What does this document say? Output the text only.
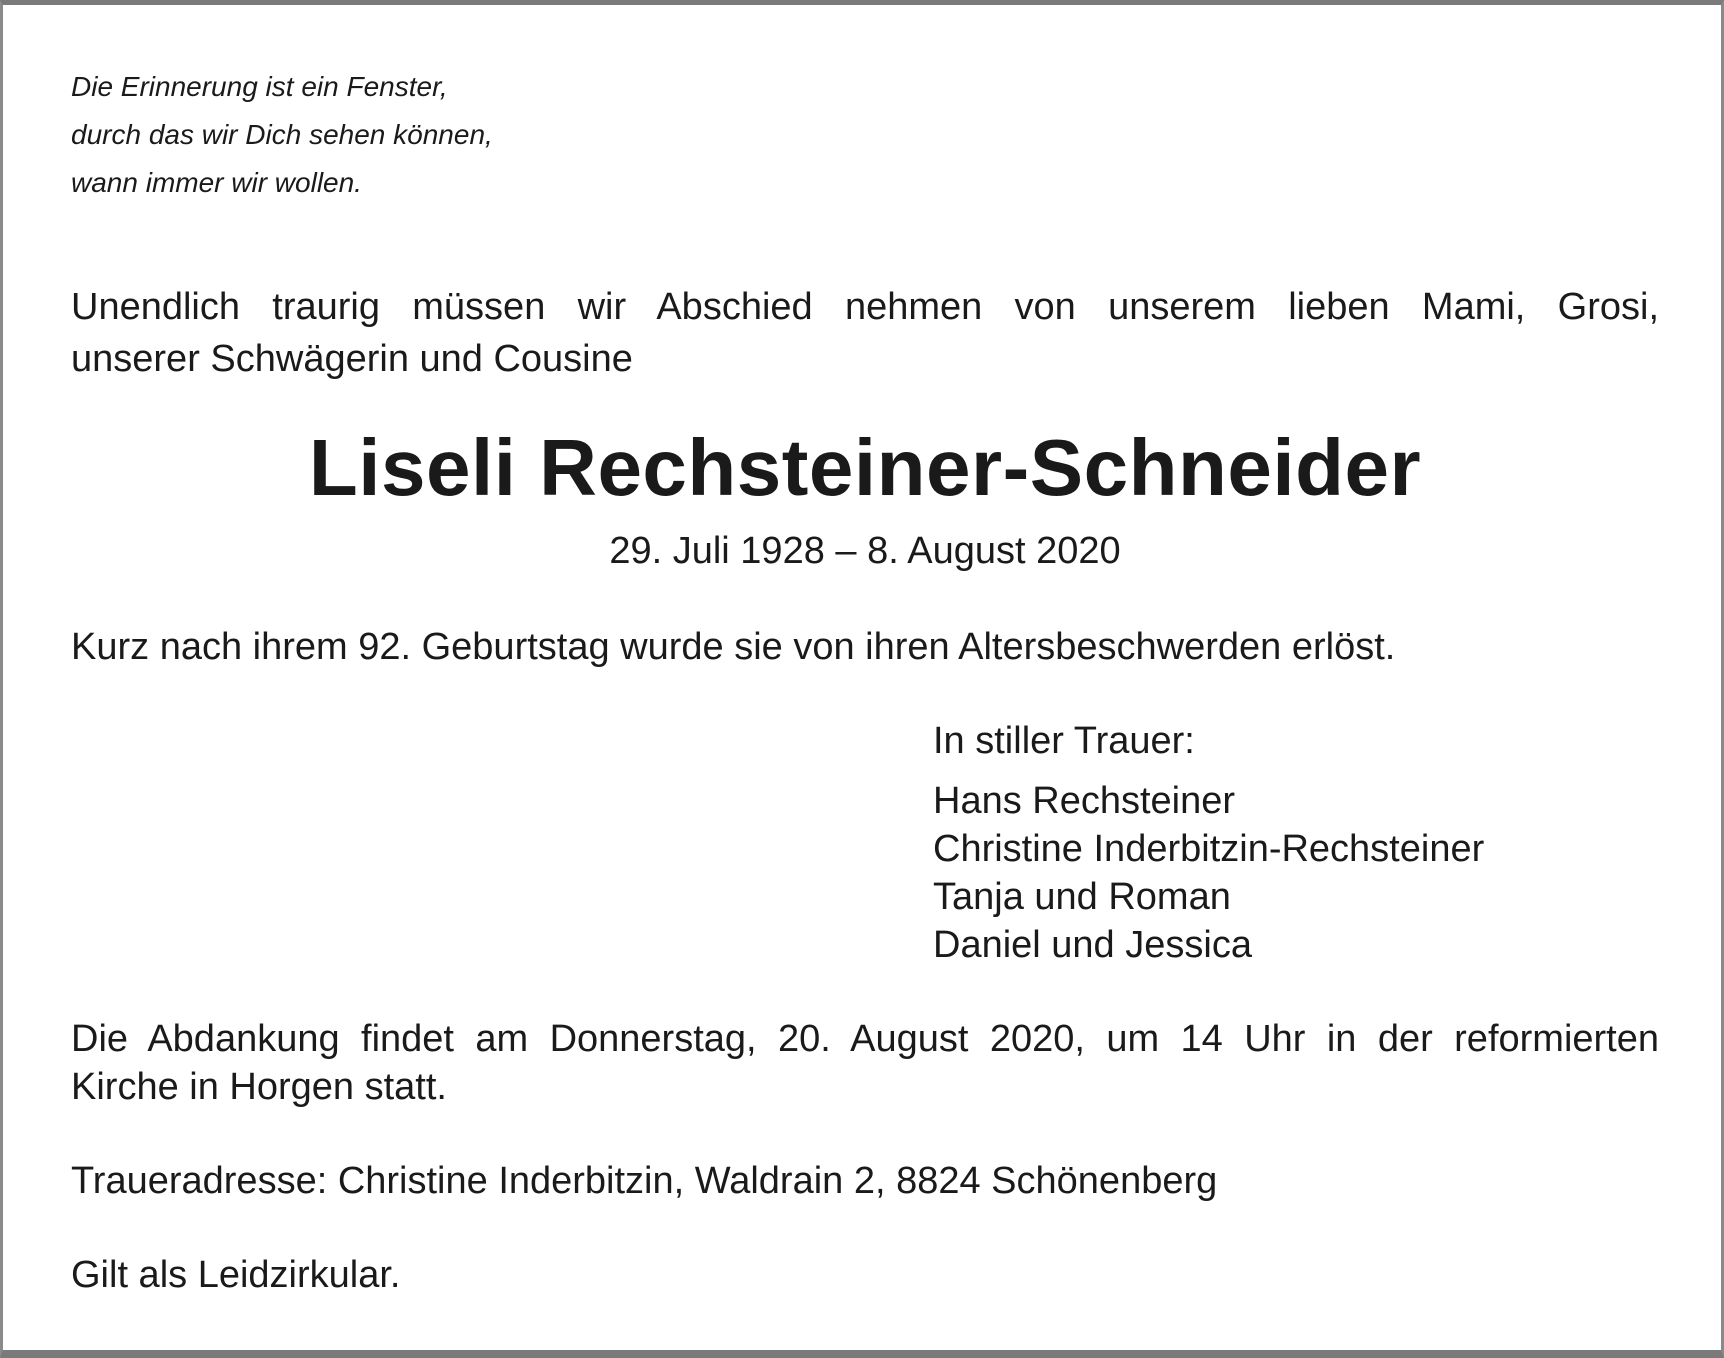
Die Erinnerung ist ein Fenster,

durch das wir Dich sehen können,

wann immer wir wollen.

Unendlich traurig müssen wir Abschied nehmen von unserem lieben Mami, Grosi,

unserer Schwägerin und Cousine

Liseli Rechsteiner-Schneider

29. Juli 1928 – 8. August 2020

Kurz nach ihrem 92. Geburtstag wurde sie von ihren Altersbeschwerden erlöst.

In stiller Trauer:

Hans Rechsteiner

Christine Inderbitzin-Rechsteiner

Tanja und Roman

Daniel und Jessica

Die Abdankung findet am Donnerstag, 20. August 2020, um 14 Uhr in der reformierten

Kirche in Horgen statt.

Traueradresse: Christine Inderbitzin, Waldrain 2, 8824 Schönenberg

Gilt als Leidzirkular.
